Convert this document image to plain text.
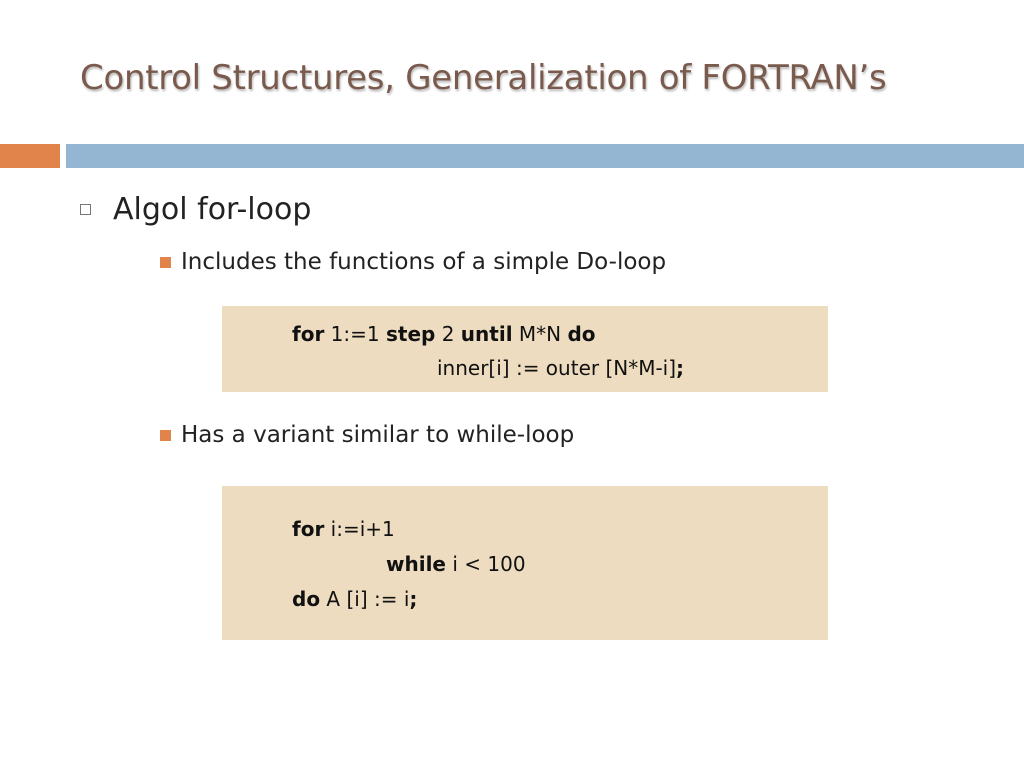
Control Structures, Generalization of FORTRAN’s
Algol for-loop
Includes the functions of a simple Do-loop
for 1:=1 step 2 until M*N do
inner[i] := outer [N*M-i];
Has a variant similar to while-loop
for i:=i+1
while i < 100
do A [i] := i;
